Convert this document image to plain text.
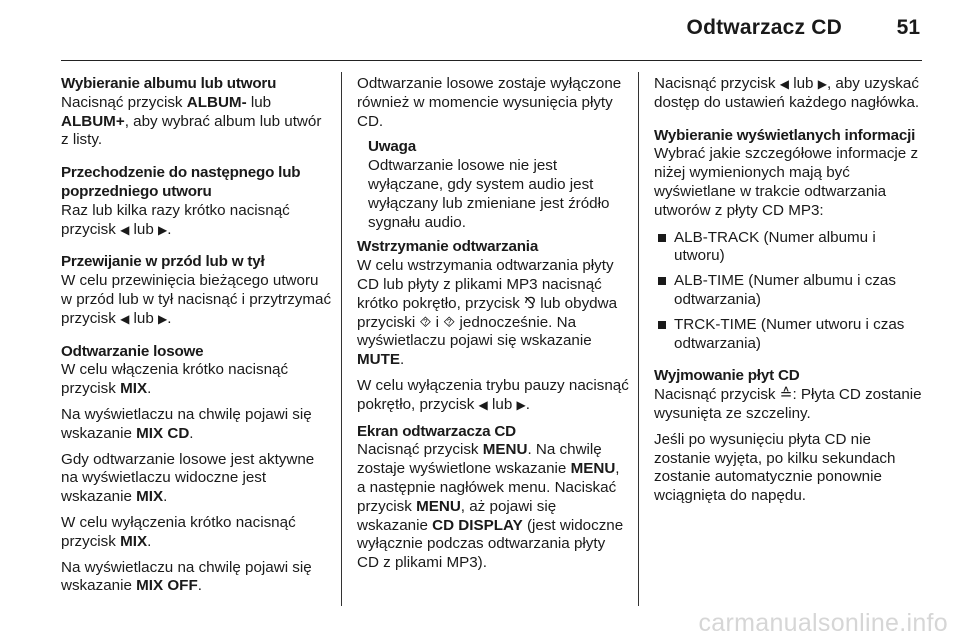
Odtwarzacz CD	51
Wybieranie albumu lub utworu

Nacisnąć przycisk ALBUM- lub
ALBUM+, aby wybrać album lub utwór z listy.

Przechodzenie do następnego lub poprzedniego utworu

Raz lub kilka razy krótko nacisnąć przycisk ◀ lub ▶.

Przewijanie w przód lub w tył

W celu przewinięcia bieżącego utworu w przód lub w tył nacisnąć i przytrzymać przycisk ◀ lub ▶.

Odtwarzanie losowe

W celu włączenia krótko nacisnąć przycisk MIX.

Na wyświetlaczu na chwilę pojawi się wskazanie MIX CD.

Gdy odtwarzanie losowe jest aktywne na wyświetlaczu widoczne jest wskazanie MIX.

W celu wyłączenia krótko nacisnąć przycisk MIX.

Na wyświetlaczu na chwilę pojawi się wskazanie MIX OFF.

Odtwarzanie losowe zostaje wyłączone również w momencie wysunięcia płyty CD.

Uwaga
Odtwarzanie losowe nie jest wyłączane, gdy system audio jest wyłączany lub zmieniane jest źródło sygnału audio.
Wstrzymanie odtwarzania

W celu wstrzymania odtwarzania płyty CD lub płyty z plikami MP3 nacisnąć krótko pokrętło, przycisk ⅋ lub obydwa przyciski ⯑ i ⯑ jednocześnie. Na wyświetlaczu pojawi się wskazanie MUTE.

W celu wyłączenia trybu pauzy nacisnąć pokrętło, przycisk ◀ lub ▶.

Ekran odtwarzacza CD

Nacisnąć przycisk MENU. Na chwilę zostaje wyświetlone wskazanie MENU, a następnie nagłówek menu. Naciskać przycisk MENU, aż pojawi się wskazanie CD DISPLAY (jest widoczne wyłącznie podczas odtwarzania płyty CD z plikami MP3).

Nacisnąć przycisk ◀ lub ▶, aby uzyskać dostęp do ustawień każdego nagłówka.

Wybieranie wyświetlanych informacji

Wybrać jakie szczegółowe informacje z niżej wymienionych mają być wyświetlane w trakcie odtwarzania utworów z płyty CD MP3:

ALB-TRACK (Numer albumu i utworu)
ALB-TIME (Numer albumu i czas odtwarzania)
TRCK-TIME (Numer utworu i czas odtwarzania)
Wyjmowanie płyt CD

Nacisnąć przycisk ≙: Płyta CD zostanie wysunięta ze szczeliny.

Jeśli po wysunięciu płyta CD nie zostanie wyjęta, po kilku sekundach zostanie automatycznie ponownie wciągnięta do napędu.

carmanualsonline.info
